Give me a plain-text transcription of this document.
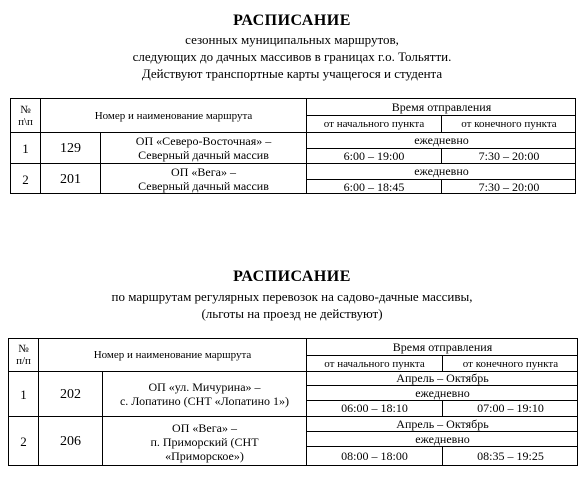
РАСПИСАНИЕ
сезонных муниципальных маршрутов,
следующих до дачных массивов в границах г.о. Тольятти.
Действуют транспортные карты учащегося и студента
№
п\п	Номер и наименование маршрута
Время отправления
от начального пункта	от конечного пункта
1	129	ОП «Северо-Восточная» –
Северный дачный массив
ежедневно
6:00 – 19:00	7:30 – 20:00
2	201	ОП «Вега» –
Северный дачный массив
ежедневно
6:00 – 18:45	7:30 – 20:00
РАСПИСАНИЕ
по маршрутам регулярных перевозок на садово-дачные массивы,
(льготы на проезд не действуют)
№
п/п	Номер и наименование маршрута
Время отправления
от начального пункта	от конечного пункта
1	202	ОП «ул. Мичурина» –
с. Лопатино (СНТ «Лопатино 1»)
Апрель – Октябрь
ежедневно
06:00 – 18:10	07:00 – 19:10
2	206
ОП «Вега» –
п. Приморский (СНТ
«Приморское»)
Апрель – Октябрь
ежедневно
08:00 – 18:00	08:35 – 19:25
